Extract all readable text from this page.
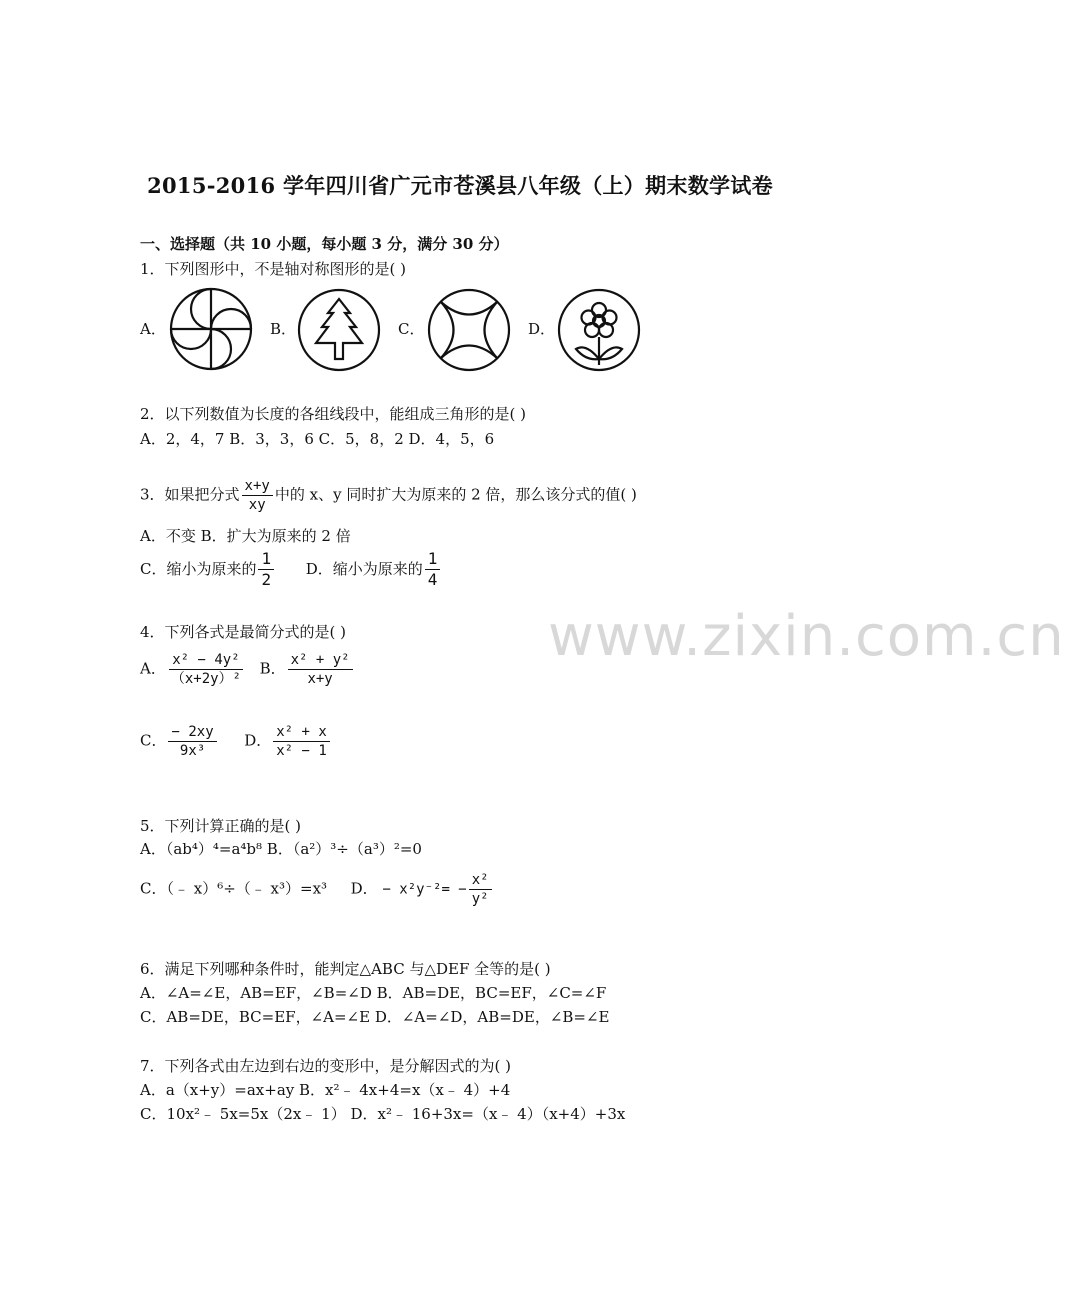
www.zixin.com.cn
2015-2016 学年四川省广元市苍溪县八年级（上）期末数学试卷
一、选择题（共 10 小题，每小题 3 分，满分 30 分）
1．下列图形中，不是轴对称图形的是( )
A．	B．	C．	D．
2．以下列数值为长度的各组线段中，能组成三角形的是( )
A．2，4，7 B．3，3，6 C．5，8，2 D．4，5，6
3．如果把分式 $\frac{x+y}{xy}$ 中的 x、y 同时扩大为原来的 2 倍，那么该分式的值( )
A．不变 B．扩大为原来的 2 倍
C．缩小为原来的 $\frac{1}{2}$ D．缩小为原来的 $\frac{1}{4}$
4．下列各式是最简分式的是( )
A． $\frac{\text{x² − 4y²}}{\text{（x+2y）²}}$ B． $\frac{\text{x² + y²}}{x+y}$
C． $\frac{- 2xy}{\text{9x³}}$ D． $\frac{\text{x² + x}}{\text{x² − 1}}$
5．下列计算正确的是( )
A．（ab⁴）⁴=a⁴b⁸ B．（a²）³÷（a³）²=0
C．（﹣ x）⁶÷（﹣ x³）=x³ D． − $x^2y^{-2}= - \frac{\text{x²}}{\text{y²}}$
6．满足下列哪种条件时，能判定△ABC 与△DEF 全等的是( )
A．∠A=∠E，AB=EF，∠B=∠D B．AB=DE，BC=EF，∠C=∠F
C．AB=DE，BC=EF，∠A=∠E D．∠A=∠D，AB=DE，∠B=∠E
7．下列各式由左边到右边的变形中，是分解因式的为( )
A．a（x+y）=ax+ay B．x²﹣ 4x+4=x（x﹣ 4）+4
C．10x²﹣ 5x=5x（2x﹣ 1） D．x²﹣ 16+3x=（x﹣ 4）（x+4）+3x
